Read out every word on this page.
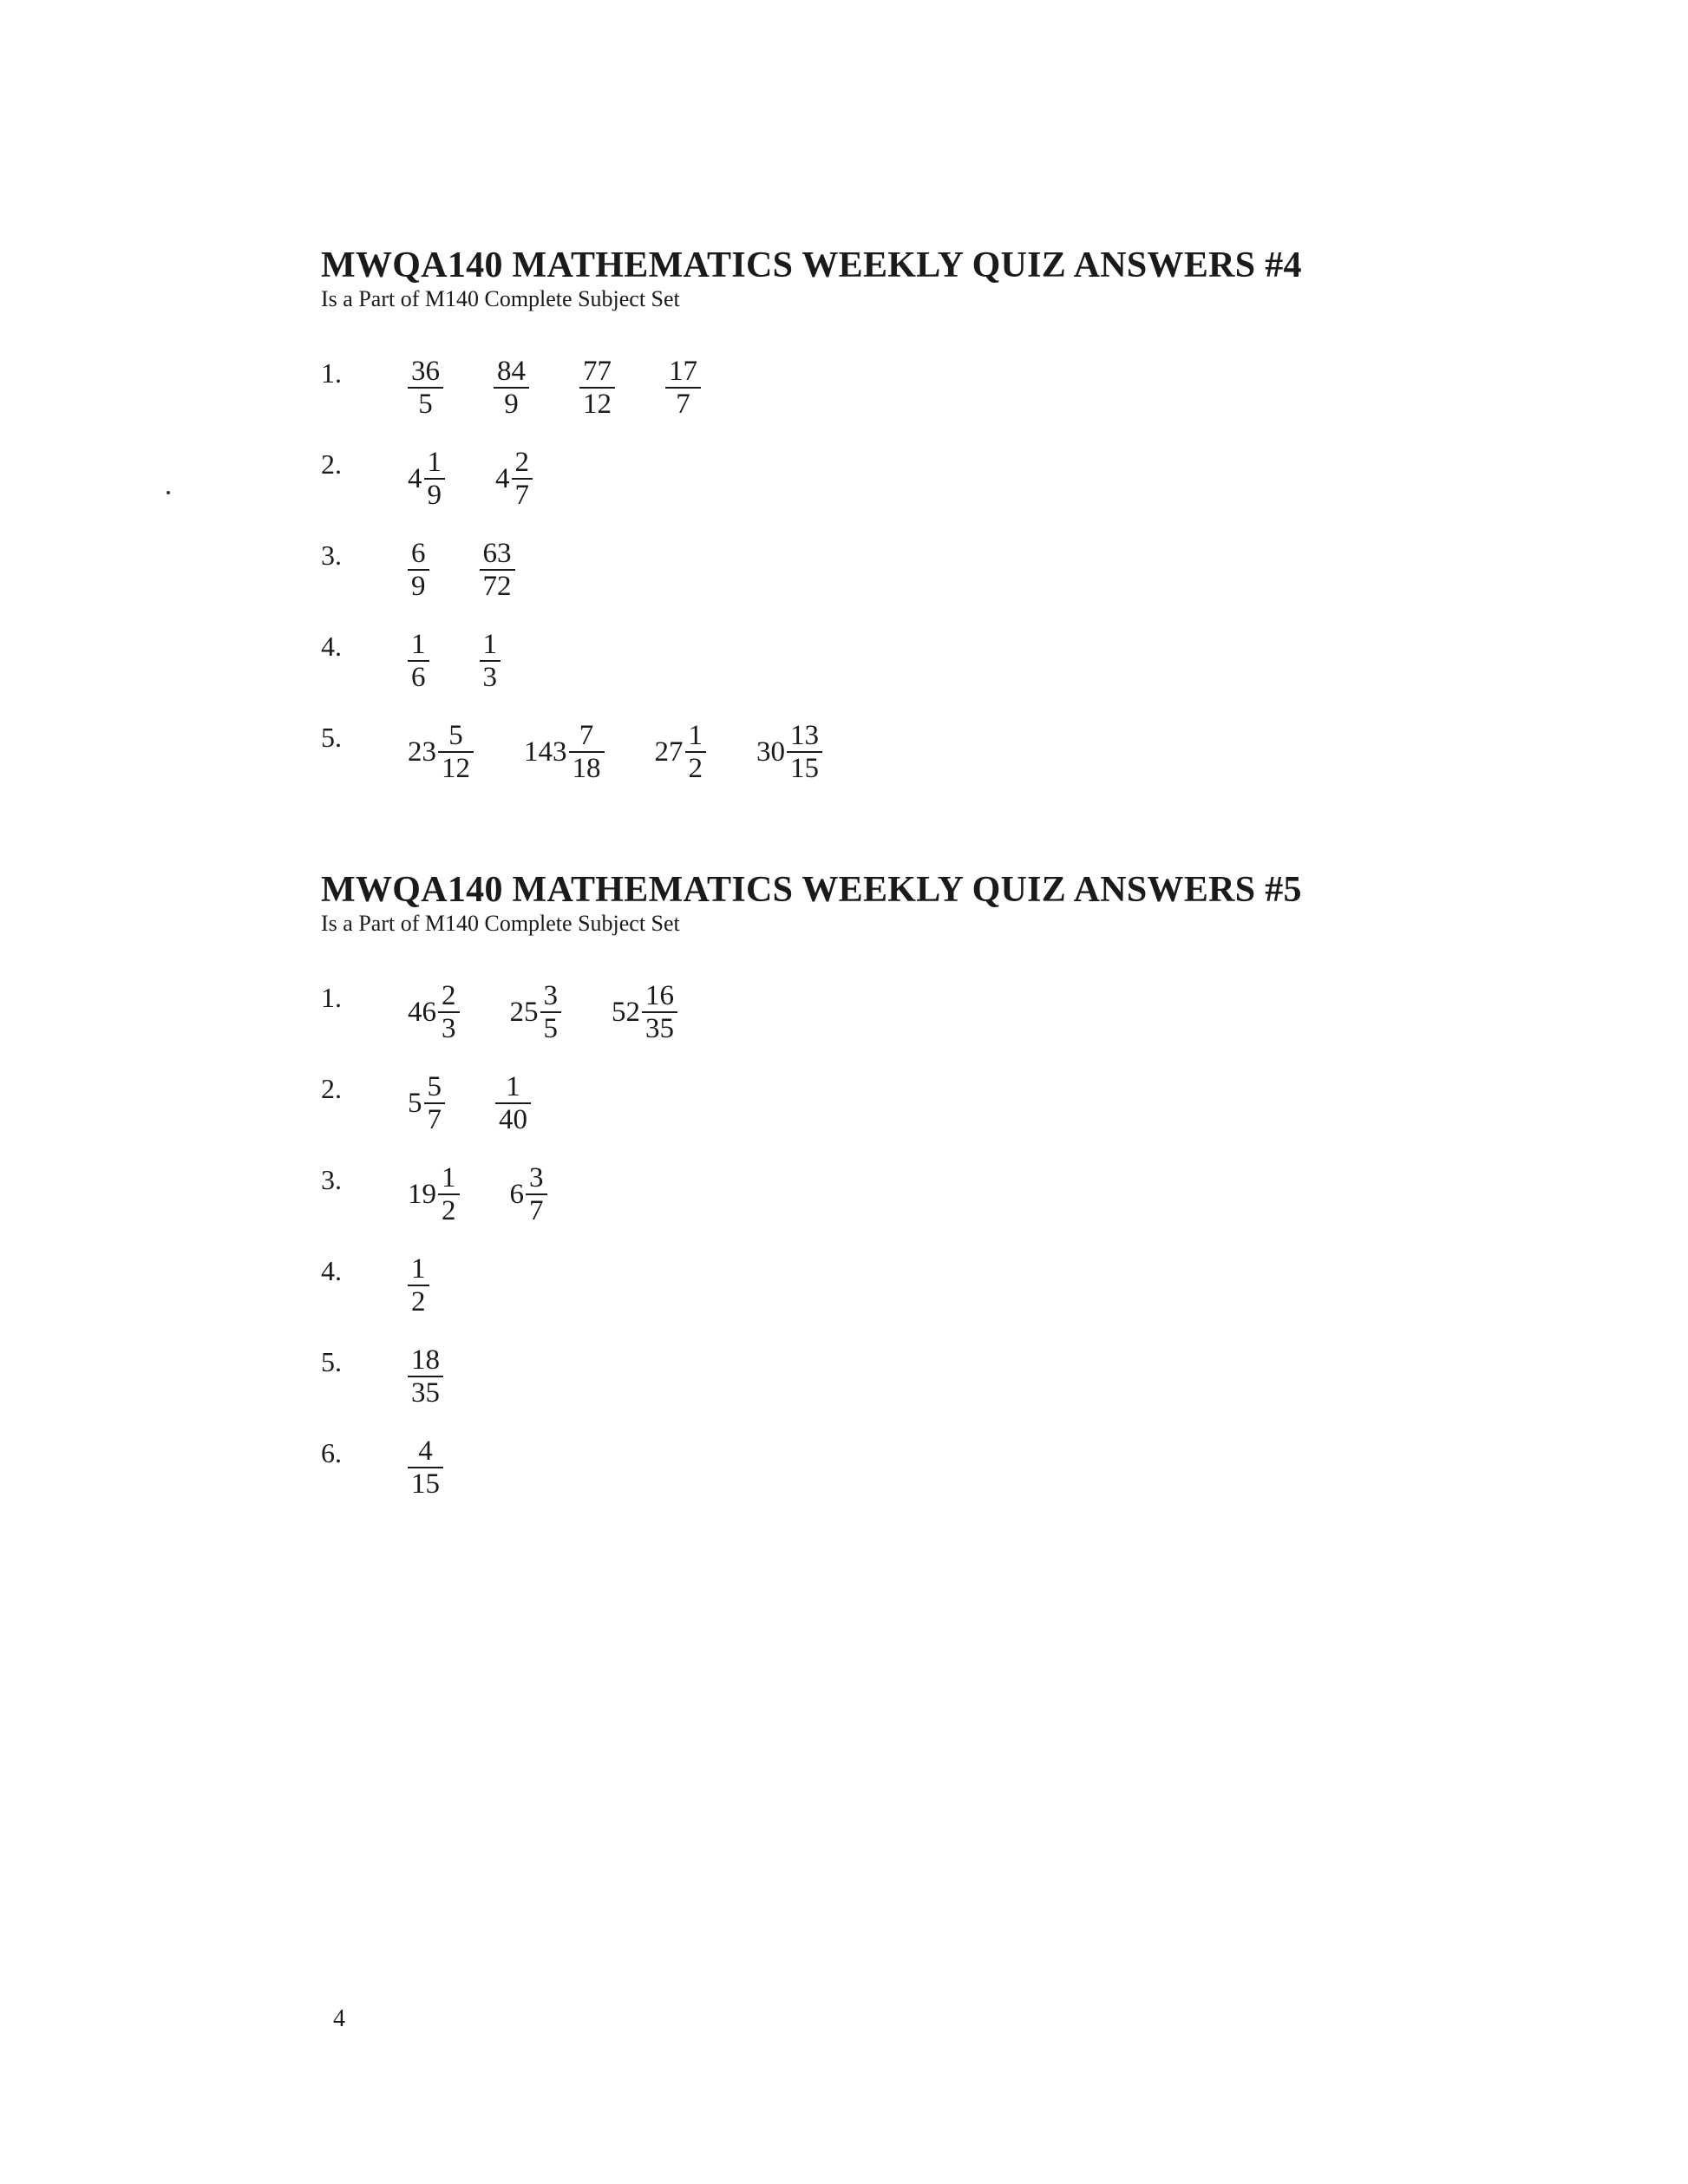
MWQA140 MATHEMATICS WEEKLY QUIZ ANSWERS #4

Is a Part of M140 Complete Subject Set

1. $\frac{36}{5} \frac{84}{9} \frac{77}{12} \frac{17}{7}$
2. $4 \frac{1}{9} 4 \frac{2}{7}$
3. $\frac{6}{9} \frac{63}{72}$
4. $\frac{1}{6} \frac{1}{3}$
5. $23 \frac{5}{12} 143 \frac{7}{18} 27 \frac{1}{2} 30 \frac{13}{15}$
MWQA140 MATHEMATICS WEEKLY QUIZ ANSWERS #5

Is a Part of M140 Complete Subject Set

1. $46 \frac{2}{3} 25 \frac{3}{5} 52 \frac{16}{35}$
2. $5 \frac{5}{7} \frac{1}{40}$
3. $19 \frac{1}{2} 6 \frac{3}{7}$
4. $\frac{1}{2}$
5. $\frac{18}{35}$
6. $\frac{4}{15}$
4
